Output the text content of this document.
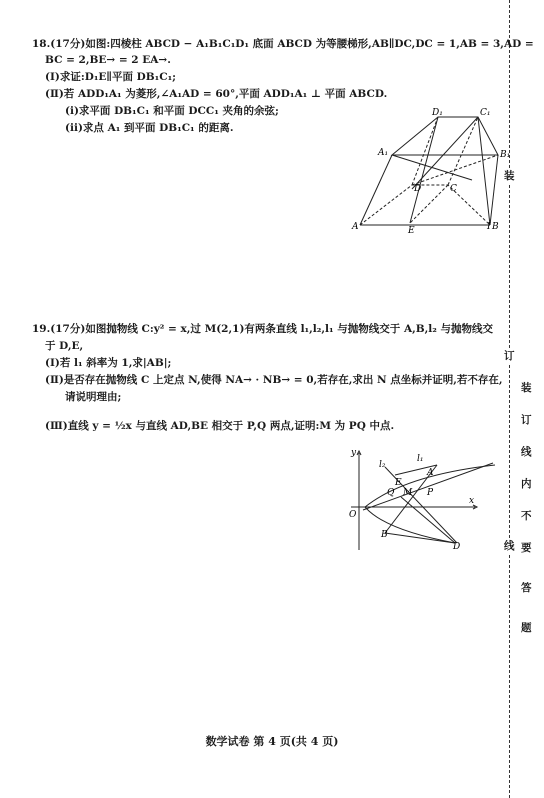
18.(17分)如图:四棱柱 ABCD − A₁B₁C₁D₁ 底面 ABCD 为等腰梯形,AB∥DC,DC = 1,AB = 3,AD =
BC = 2,BE→ = 2 EA→.
(Ⅰ)求证:D₁E∥平面 DB₁C₁;
(Ⅱ)若 ADD₁A₁ 为菱形,∠A₁AD = 60°,平面 ADD₁A₁ ⊥ 平面 ABCD.
(ⅰ)求平面 DB₁C₁ 和平面 DCC₁ 夹角的余弦;
(ⅱ)求点 A₁ 到平面 DB₁C₁ 的距离.
D₁	C₁
A₁	B₁
D	C
A	E	I B
19.(17分)如图抛物线 C:y² = x,过 M(2,1)有两条直线 l₁,l₂,l₁ 与抛物线交于 A,B,l₂ 与抛物线交
于 D,E,
(Ⅰ)若 l₁ 斜率为 1,求|AB|;
(Ⅱ)是否存在抛物线 C 上定点 N,使得 NA→ · NB→ = 0,若存在,求出 N 点坐标并证明,若不存在,
请说明理由;
(Ⅲ)直线 y = ½x 与直线 AD,BE 相交于 P,Q 两点,证明:M 为 PQ 中点.
y
x
O
l₂
l₁
E
A
M
Q	P
B
D
装
订
线
内
不
要
答
题
装
订
线
数学试卷 第 4 页(共 4 页)
